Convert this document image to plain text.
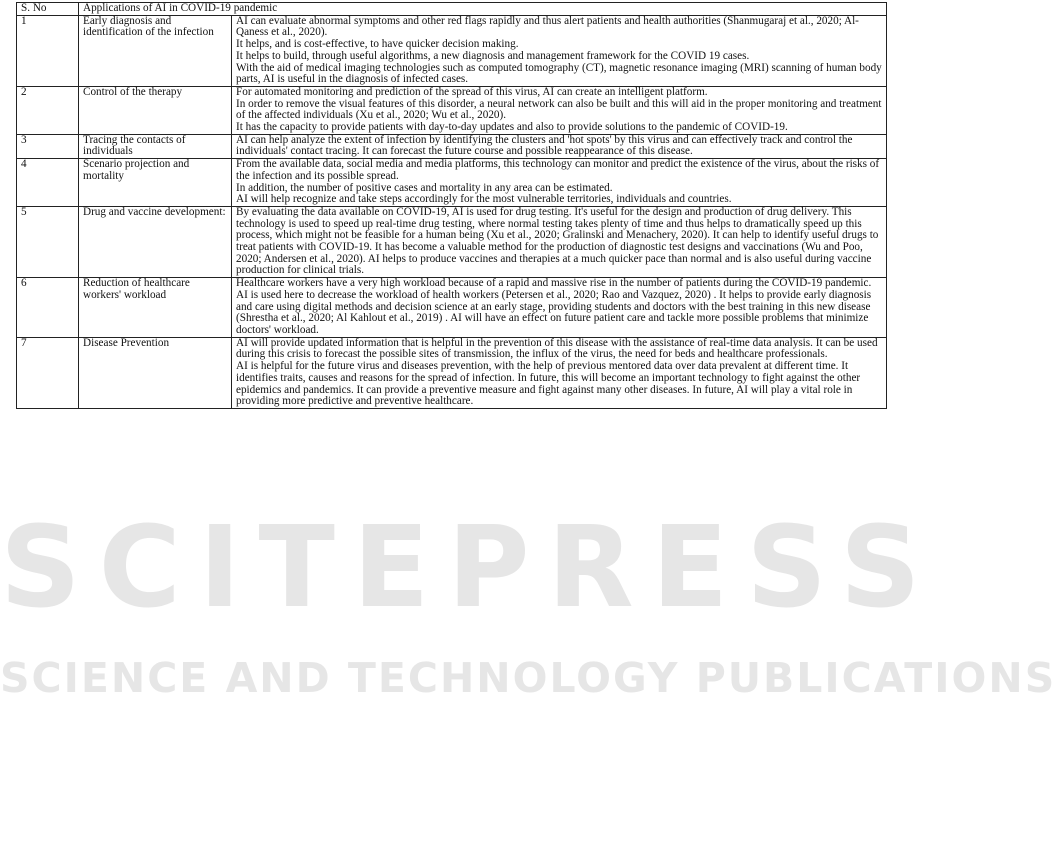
SCITEPRESS
SCIENCE AND TECHNOLOGY PUBLICATIONS
S. No	Applications of AI in COVID-19 pandemic	
1	Early diagnosis and identification of the infection	AI can evaluate abnormal symptoms and other red flags rapidly and thus alert patients and health authorities (Shanmugaraj et al., 2020; Al-Qaness et al., 2020).
It helps, and is cost-effective, to have quicker decision making.
It helps to build, through useful algorithms, a new diagnosis and management framework for the COVID 19 cases.
With the aid of medical imaging technologies such as computed tomography (CT), magnetic resonance imaging (MRI) scanning of human body parts, AI is useful in the diagnosis of infected cases.

2	Control of the therapy	For automated monitoring and prediction of the spread of this virus, AI can create an intelligent platform.
In order to remove the visual features of this disorder, a neural network can also be built and this will aid in the proper monitoring and treatment of the affected individuals (Xu et al., 2020; Wu et al., 2020).
It has the capacity to provide patients with day-to-day updates and also to provide solutions to the pandemic of COVID-19.

3	Tracing the contacts of individuals	AI can help analyze the extent of infection by identifying the clusters and 'hot spots' by this virus and can effectively track and control the individuals' contact tracing. It can forecast the future course and possible reappearance of this disease.

4	Scenario projection and mortality	From the available data, social media and media platforms, this technology can monitor and predict the existence of the virus, about the risks of the infection and its possible spread.
In addition, the number of positive cases and mortality in any area can be estimated.
AI will help recognize and take steps accordingly for the most vulnerable territories, individuals and countries.

5	Drug and vaccine development:	By evaluating the data available on COVID-19, AI is used for drug testing. It's useful for the design and production of drug delivery. This technology is used to speed up real-time drug testing, where normal testing takes plenty of time and thus helps to dramatically speed up this process, which might not be feasible for a human being (Xu et al., 2020; Gralinski and Menachery, 2020). It can help to identify useful drugs to treat patients with COVID-19. It has become a valuable method for the production of diagnostic test designs and vaccinations (Wu and Poo, 2020; Andersen et al., 2020). AI helps to produce vaccines and therapies at a much quicker pace than normal and is also useful during vaccine production for clinical trials.

6	Reduction of healthcare workers' workload	Healthcare workers have a very high workload because of a rapid and massive rise in the number of patients during the COVID-19 pandemic. AI is used here to decrease the workload of health workers (Petersen et al., 2020; Rao and Vazquez, 2020) . It helps to provide early diagnosis and care using digital methods and decision science at an early stage, providing students and doctors with the best training in this new disease (Shrestha et al., 2020; Al Kahlout et al., 2019) . AI will have an effect on future patient care and tackle more possible problems that minimize doctors' workload.

7	Disease Prevention	AI will provide updated information that is helpful in the prevention of this disease with the assistance of real-time data analysis. It can be used during this crisis to forecast the possible sites of transmission, the influx of the virus, the need for beds and healthcare professionals.
AI is helpful for the future virus and diseases prevention, with the help of previous mentored data over data prevalent at different time. It identifies traits, causes and reasons for the spread of infection. In future, this will become an important technology to fight against the other epidemics and pandemics. It can provide a preventive measure and fight against many other diseases. In future, AI will play a vital role in providing more predictive and preventive healthcare.
